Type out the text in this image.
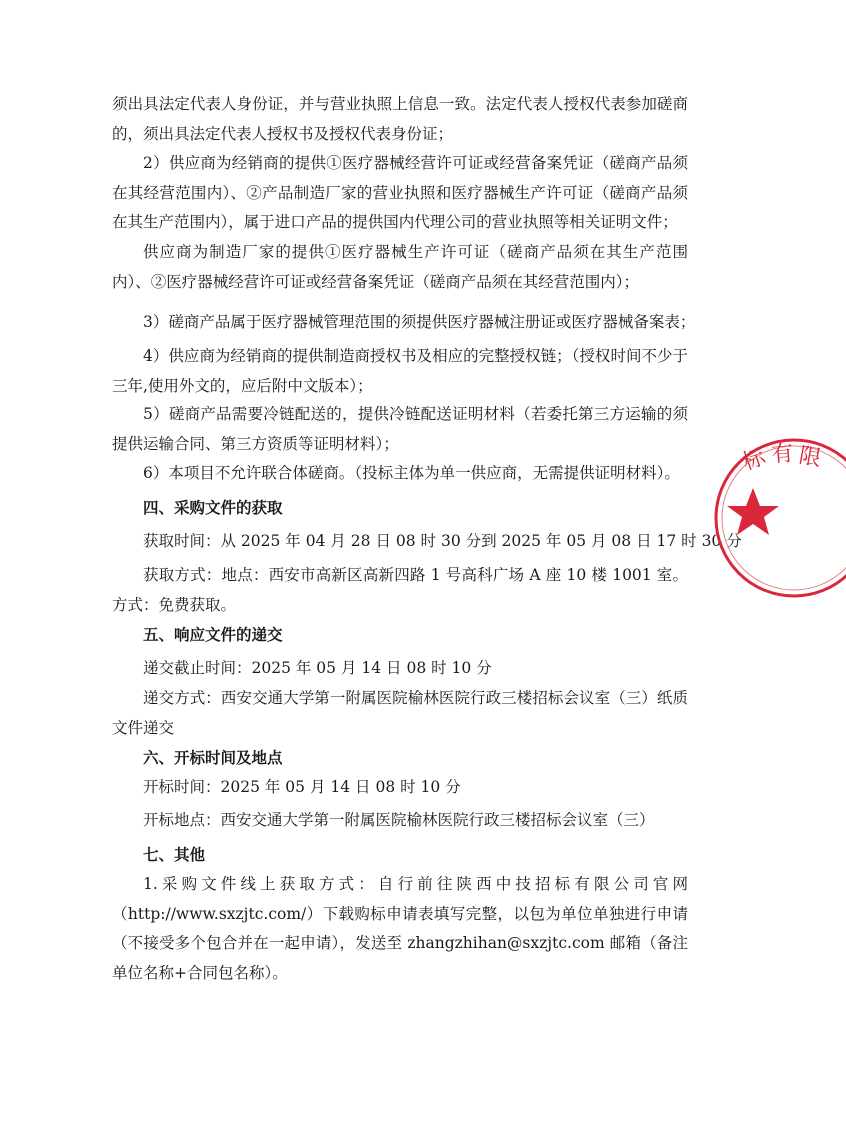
须出具法定代表人身份证，并与营业执照上信息一致。法定代表人授权代表参加磋商的，须出具法定代表人授权书及授权代表身份证；
2）供应商为经销商的提供①医疗器械经营许可证或经营备案凭证（磋商产品须在其经营范围内）、②产品制造厂家的营业执照和医疗器械生产许可证（磋商产品须在其生产范围内），属于进口产品的提供国内代理公司的营业执照等相关证明文件；
供应商为制造厂家的提供①医疗器械生产许可证（磋商产品须在其生产范围内）、②医疗器械经营许可证或经营备案凭证（磋商产品须在其经营范围内）；
3）磋商产品属于医疗器械管理范围的须提供医疗器械注册证或医疗器械备案表；
4）供应商为经销商的提供制造商授权书及相应的完整授权链；（授权时间不少于三年,使用外文的，应后附中文版本）；
5）磋商产品需要冷链配送的，提供冷链配送证明材料（若委托第三方运输的须提供运输合同、第三方资质等证明材料）；
6）本项目不允许联合体磋商。（投标主体为单一供应商，无需提供证明材料）。
四、采购文件的获取
获取时间：从 2025 年 04 月 28 日 08 时 30 分到 2025 年 05 月 08 日 17 时 30 分
获取方式：地点：西安市高新区高新四路 1 号高科广场 A 座 10 楼 1001 室。方式：免费获取。
五、响应文件的递交
递交截止时间：2025 年 05 月 14 日 08 时 10 分
递交方式：西安交通大学第一附属医院榆林医院行政三楼招标会议室（三）纸质文件递交
六、开标时间及地点
开标时间：2025 年 05 月 14 日 08 时 10 分
开标地点：西安交通大学第一附属医院榆林医院行政三楼招标会议室（三）
七、其他
1.采购文件线上获取方式：自行前往陕西中技招标有限公司官网（http://www.sxzjtc.com/）下载购标申请表填写完整，以包为单位单独进行申请（不接受多个包合并在一起申请），发送至 zhangzhihan@sxzjtc.com 邮箱（备注单位名称+合同包名称）。
标 有 限
